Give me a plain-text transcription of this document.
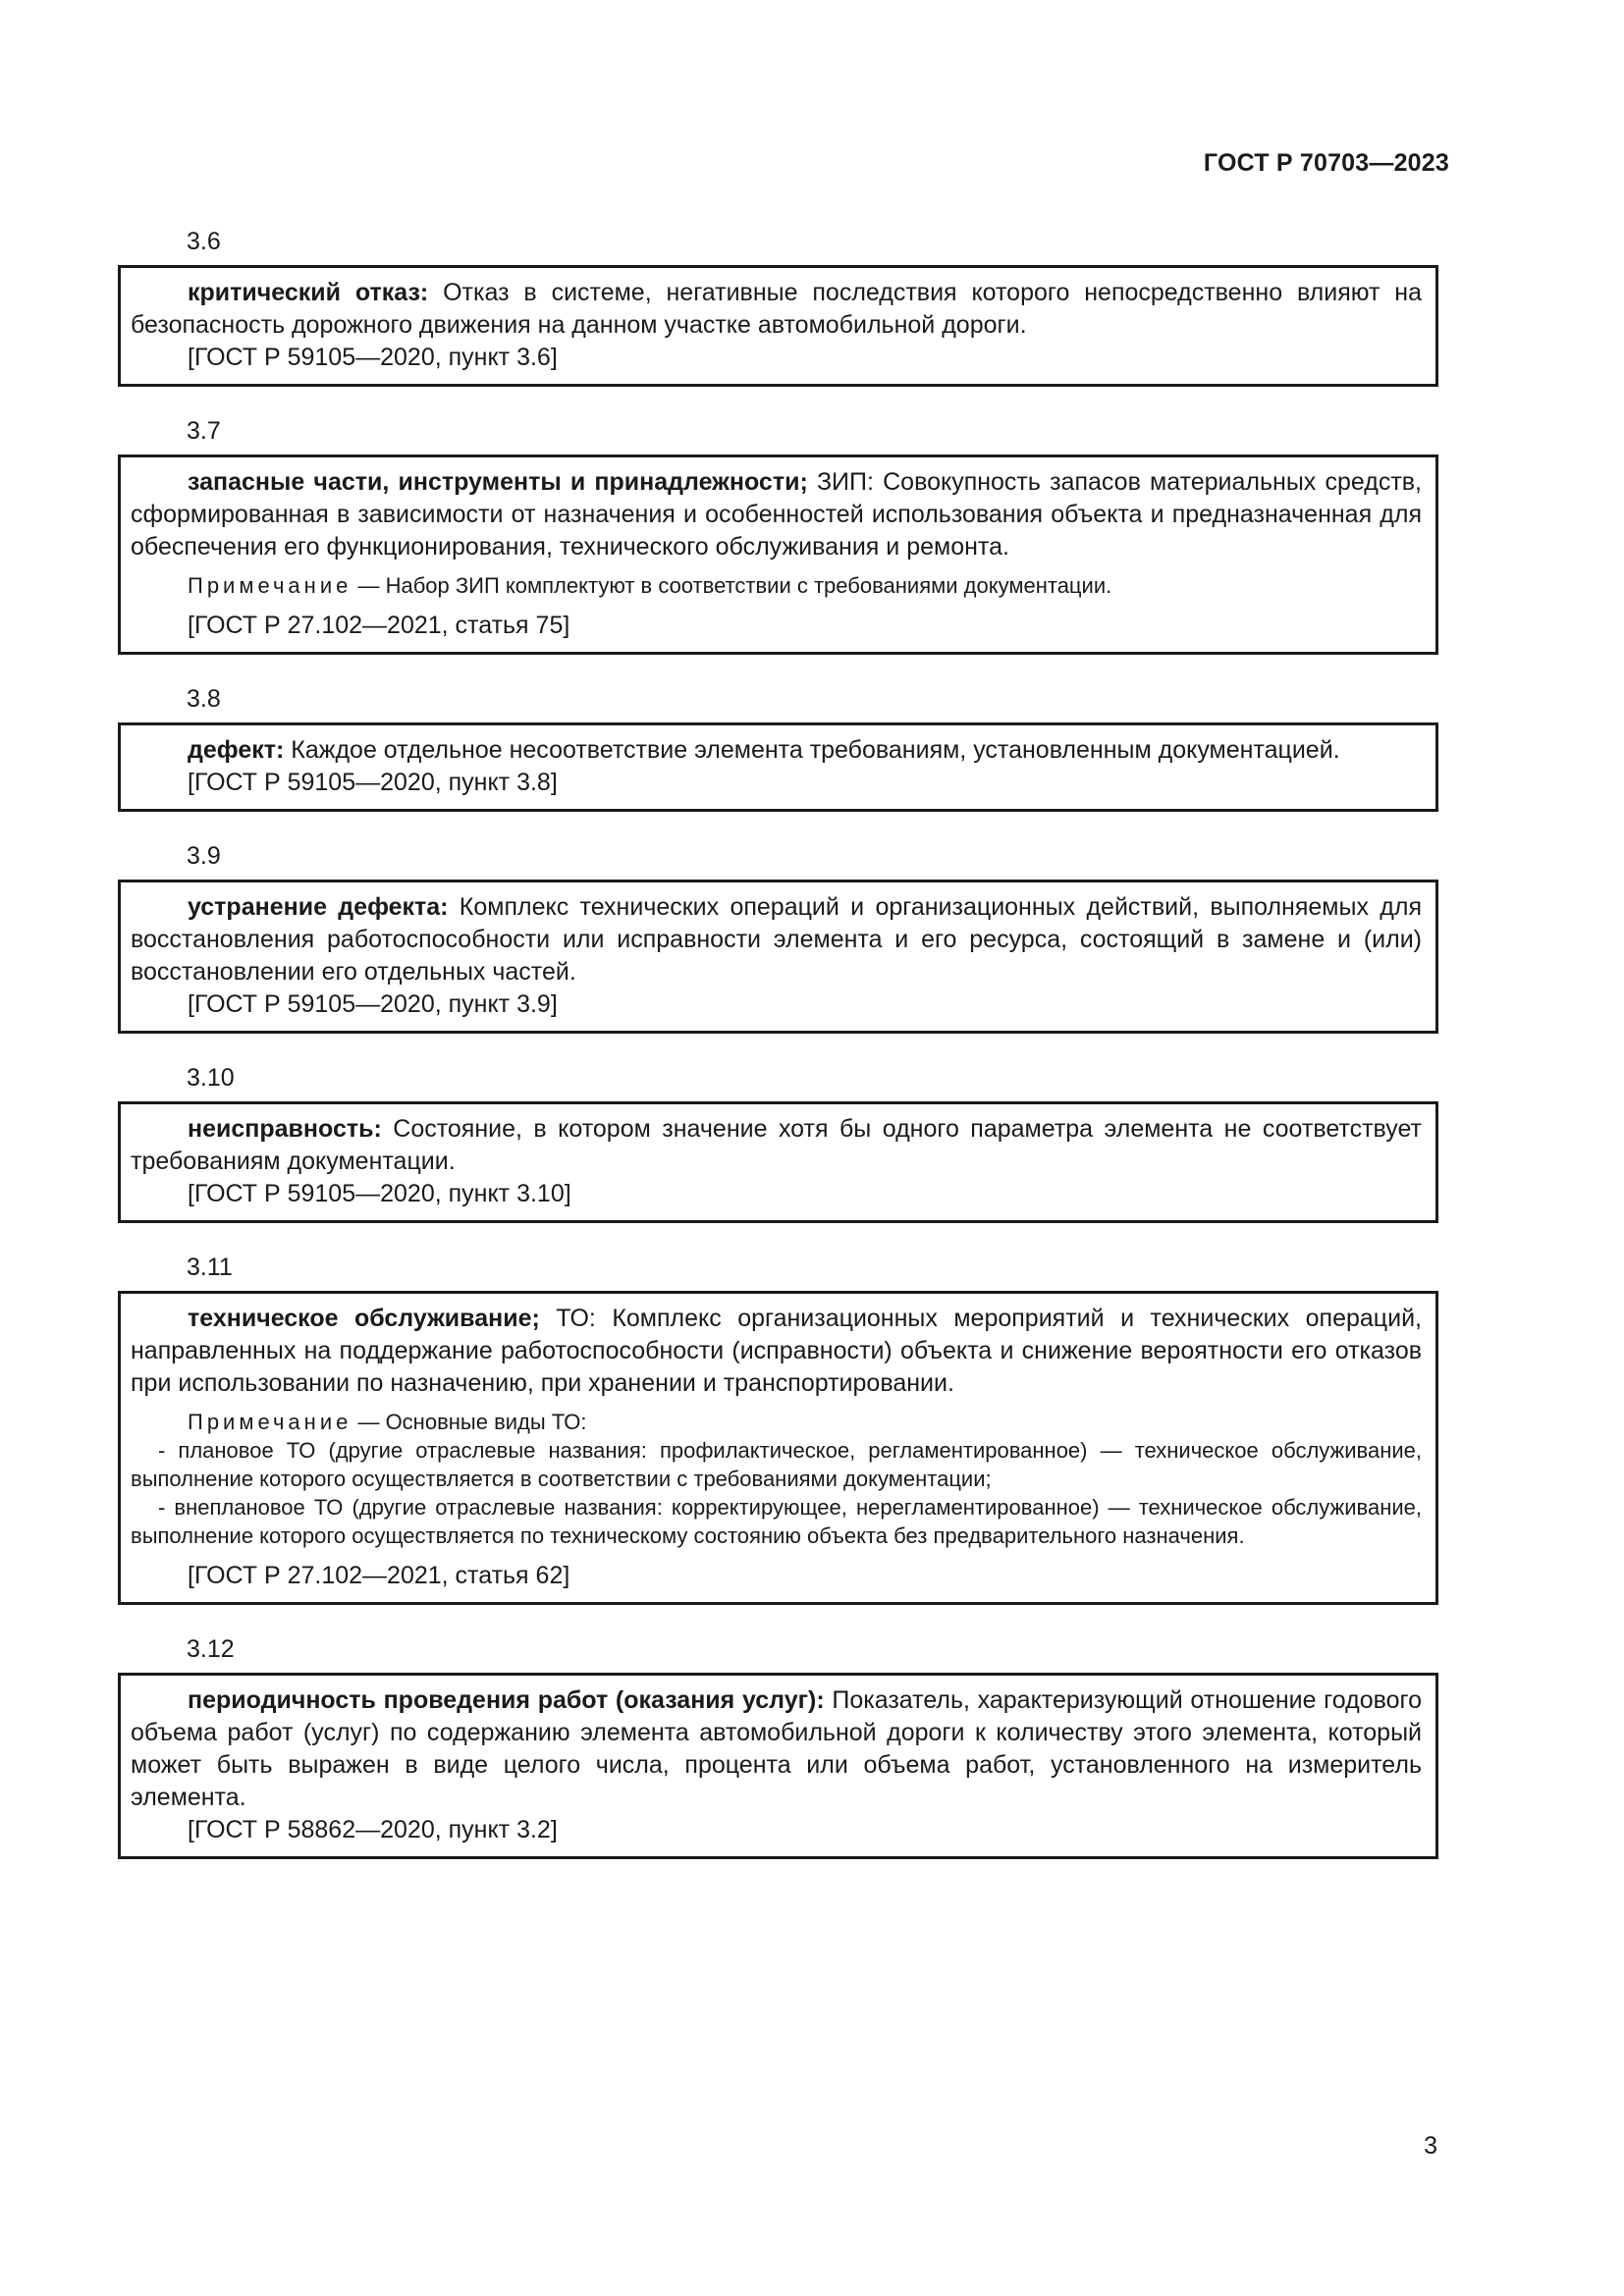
ГОСТ Р 70703—2023
3.6

критический отказ: Отказ в системе, негативные последствия которого непосредственно влияют на безопасность дорожного движения на данном участке автомобильной дороги.

[ГОСТ Р 59105—2020, пункт 3.6]

3.7

запасные части, инструменты и принадлежности; ЗИП: Совокупность запасов материальных средств, сформированная в зависимости от назначения и особенностей использования объекта и предназначенная для обеспечения его функционирования, технического обслуживания и ремонта.

Примечание — Набор ЗИП комплектуют в соответствии с требованиями документации.

[ГОСТ Р 27.102—2021, статья 75]

3.8

дефект: Каждое отдельное несоответствие элемента требованиям, установленным документацией.

[ГОСТ Р 59105—2020, пункт 3.8]

3.9

устранение дефекта: Комплекс технических операций и организационных действий, выполняемых для восстановления работоспособности или исправности элемента и его ресурса, состоящий в замене и (или) восстановлении его отдельных частей.

[ГОСТ Р 59105—2020, пункт 3.9]

3.10

неисправность: Состояние, в котором значение хотя бы одного параметра элемента не соответствует требованиям документации.

[ГОСТ Р 59105—2020, пункт 3.10]

3.11

техническое обслуживание; ТО: Комплекс организационных мероприятий и технических операций, направленных на поддержание работоспособности (исправности) объекта и снижение вероятности его отказов при использовании по назначению, при хранении и транспортировании.

Примечание — Основные виды ТО:

- плановое ТО (другие отраслевые названия: профилактическое, регламентированное) — техническое обслуживание, выполнение которого осуществляется в соответствии с требованиями документации;

- внеплановое ТО (другие отраслевые названия: корректирующее, нерегламентированное) — техническое обслуживание, выполнение которого осуществляется по техническому состоянию объекта без предварительного назначения.

[ГОСТ Р 27.102—2021, статья 62]

3.12

периодичность проведения работ (оказания услуг): Показатель, характеризующий отношение годового объема работ (услуг) по содержанию элемента автомобильной дороги к количеству этого элемента, который может быть выражен в виде целого числа, процента или объема работ, установленного на измеритель элемента.

[ГОСТ Р 58862—2020, пункт 3.2]

3
